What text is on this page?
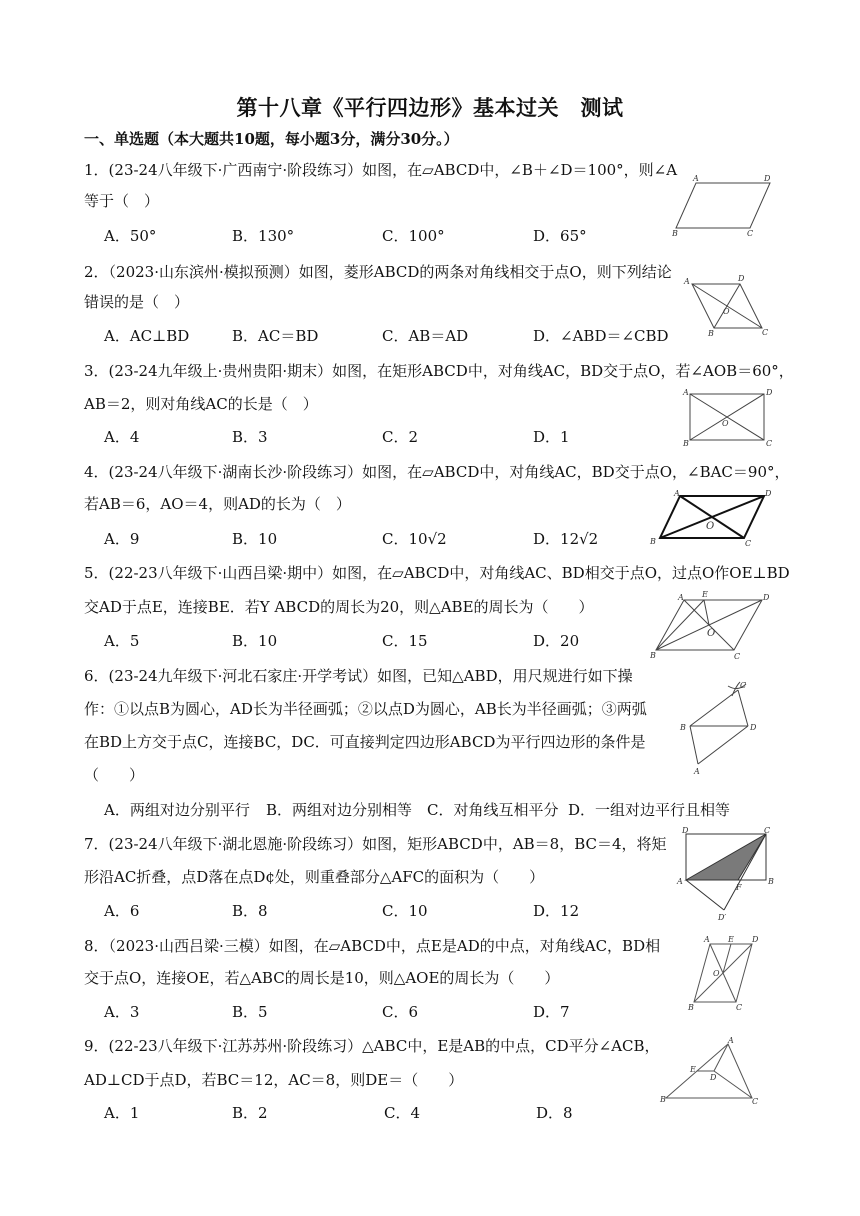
第十八章《平行四边形》基本过关　测试
一、单选题（本大题共10题，每小题3分，满分30分。）
1．(23-24八年级下·广西南宁·阶段练习）如图，在▱ABCD中，∠B＋∠D＝100°，则∠A
等于（　）
A．50°	B．130°	C．100°	D．65°
A	D
B	C
2．（2023·山东滨州·模拟预测）如图，菱形ABCD的两条对角线相交于点O，则下列结论
错误的是（　）
A．AC⊥BD	B．AC＝BD	C．AB＝AD	D．∠ABD＝∠CBD
A	D
O
B	C
3．(23-24九年级上·贵州贵阳·期末）如图，在矩形ABCD中，对角线AC，BD交于点O，若∠AOB＝60°，
AB＝2，则对角线AC的长是（　）
A．4	B．3	C．2	D．1
A	D
O
B	C
4．(23-24八年级下·湖南长沙·阶段练习）如图，在▱ABCD中，对角线AC，BD交于点O，∠BAC＝90°，
若AB＝6，AO＝4，则AD的长为（　）
A．9	B．10	C．10√2	D．12√2
A	D
O
B	C
5．(22-23八年级下·山西吕梁·期中）如图，在▱ABCD中，对角线AC、BD相交于点O，过点O作OE⊥BD
交AD于点E，连接BE．若Y ABCD的周长为20，则△ABE的周长为（　　）
A．5	B．10	C．15	D．20
A E	D
O
B	C
6．(23-24九年级下·河北石家庄·开学考试）如图，已知△ABD，用尺规进行如下操
作：①以点B为圆心，AD长为半径画弧；②以点D为圆心，AB长为半径画弧；③两弧
在BD上方交于点C，连接BC，DC．可直接判定四边形ABCD为平行四边形的条件是
（　　）
A．两组对边分别平行 B．两组对边分别相等 C．对角线互相平分 D．一组对边平行且相等
C
B	D
A
7．(23-24八年级下·湖北恩施·阶段练习）如图，矩形ABCD中，AB＝8，BC＝4，将矩
形沿AC折叠，点D落在点D¢处，则重叠部分△AFC的面积为（　　）
A．6	B．8	C．10	D．12
D	C
A
F
B
D′
8．（2023·山西吕梁·三模）如图，在▱ABCD中，点E是AD的中点，对角线AC，BD相
交于点O，连接OE，若△ABC的周长是10，则△AOE的周长为（　　）
A．3	B．5	C．6	D．7
A E D
O
B	C
9．(22-23八年级下·江苏苏州·阶段练习）△ABC中，E是AB的中点，CD平分∠ACB，
AD⊥CD于点D，若BC＝12，AC＝8，则DE＝（　　）
A．1	B．2	C．4	D．8
A
E
D
B	C
